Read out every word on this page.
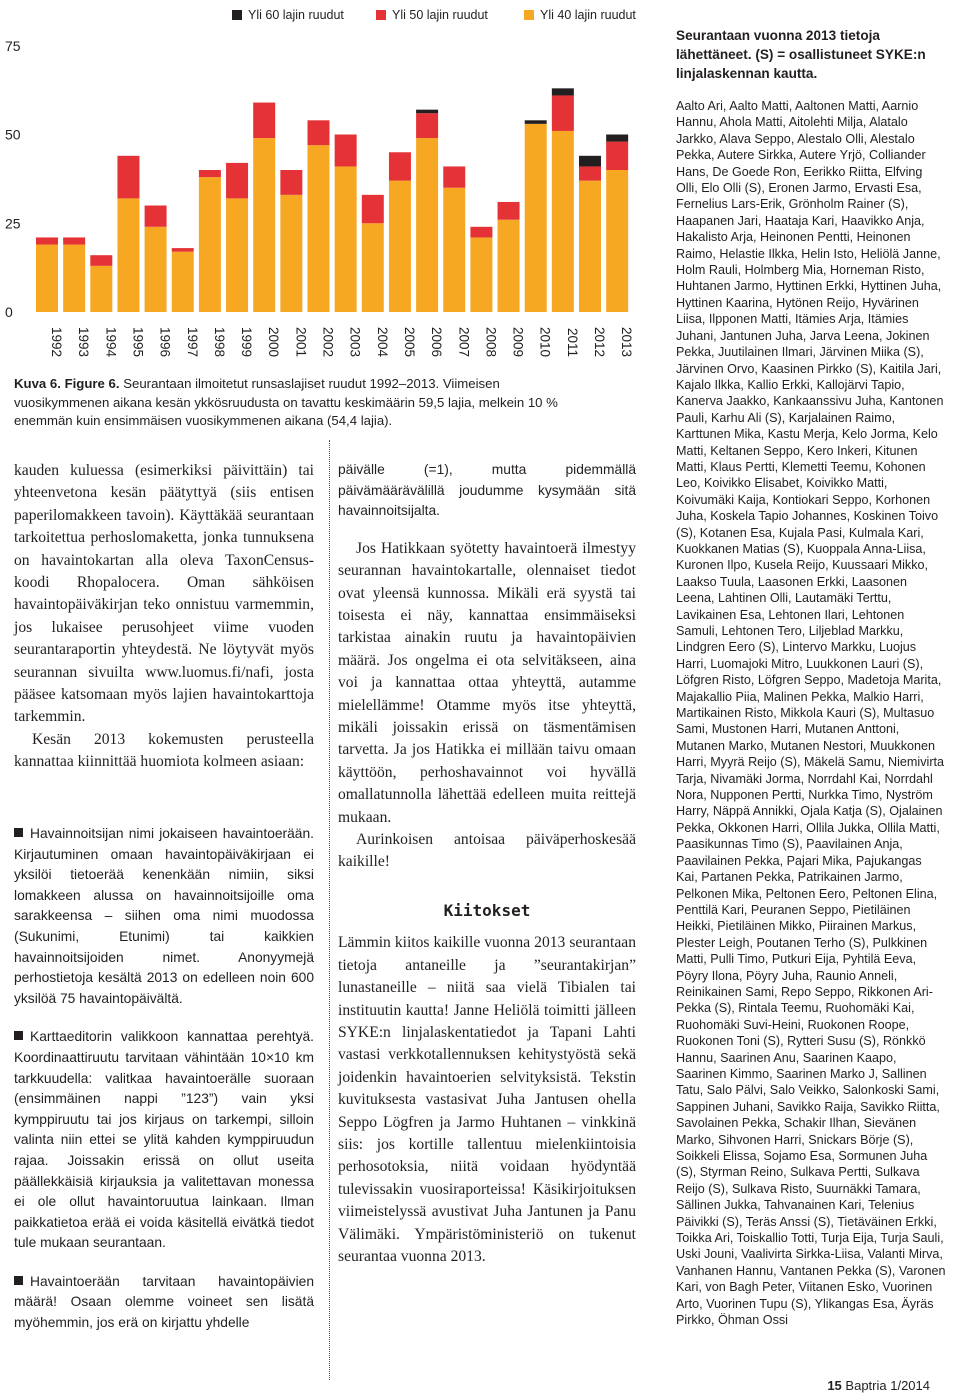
0
25
50
75
1992 1993 1994 1995 1996 1997 1998 1999 2000 2001 2002 2003 2004 2005 2006 2007 2008 2009 2010 2011 2012 2013
Yli 60 lajin ruudut	Yli 50 lajin ruudut	Yli 40 lajin ruudut
Kuva 6. Figure 6. Seurantaan ilmoitetut runsaslajiset ruudut 1992–2013. Viimeisen vuosikymmenen aikana kesän ykkösruudusta on tavattu keskimäärin 59,5 lajia, melkein 10 % enemmän kuin ensimmäisen vuosikymmenen aikana (54,4 lajia).

kauden kuluessa (esimerkiksi päivittäin) tai yhteenvetona kesän päätyttyä (siis entisen paperilomakkeen tavoin). Käyttäkää seurantaan tarkoitettua perhoslomaketta, jonka tunnuksena on havaintokartan alla oleva TaxonCensus-koodi Rhopalocera. Oman sähköisen havaintopäiväkirjan teko onnistuu varmemmin, jos lukaisee perusohjeet viime vuoden seurantaraportin yhteydestä. Ne löytyvät myös seurannan sivuilta www.luomus.fi/nafi, josta pääsee katsomaan myös lajien havaintokarttoja tarkemmin.

Kesän 2013 kokemusten perusteella kannattaa kiinnittää huomiota kolmeen asiaan:

Havainnoitsijan nimi jokaiseen havaintoerään. Kirjautuminen omaan havaintopäiväkirjaan ei yksilöi tietoerää kenenkään nimiin, siksi lomakkeen alussa on havainnoitsijoille oma sarakkeensa – siihen oma nimi muodossa (Sukunimi, Etunimi) tai kaikkien havainnoitsijoiden nimet. Anonyymejä perhostietoja kesältä 2013 on edelleen noin 600 yksilöä 75 havaintopäivältä.

Karttaeditorin valikkoon kannattaa perehtyä. Koordinaattiruutu tarvitaan vähintään 10×10 km tarkkuudella: valitkaa havaintoerälle suoraan (ensimmäinen nappi ”123”) vain yksi kymppiruutu tai jos kirjaus on tarkempi, silloin valinta niin ettei se ylitä kahden kymppiruudun rajaa. Joissakin erissä on ollut useita päällekkäisiä kirjauksia ja valitettavan monessa ei ole ollut havaintoruutua lainkaan. Ilman paikkatietoa erää ei voida käsitellä eivätkä tiedot tule mukaan seurantaan.

Havaintoerään tarvitaan havaintopäivien määrä! Osaan olemme voineet sen lisätä myöhemmin, jos erä on kirjattu yhdelle

päivälle (=1), mutta pidemmällä päivämäärävälillä joudumme kysymään sitä havainnoitsijalta.

Jos Hatikkaan syötetty havaintoerä ilmestyy seurannan havaintokartalle, olennaiset tiedot ovat yleensä kunnossa. Mikäli erä syystä tai toisesta ei näy, kannattaa ensimmäiseksi tarkistaa ainakin ruutu ja havaintopäivien määrä. Jos ongelma ei ota selvitäkseen, aina voi ja kannattaa ottaa yhteyttä, autamme mielellämme! Otamme myös itse yhteyttä, mikäli joissakin erissä on täsmentämisen tarvetta. Ja jos Hatikka ei millään taivu omaan käyttöön, perhoshavainnot voi hyvällä omallatunnolla lähettää edelleen muita reittejä mukaan.

Aurinkoisen antoisaa päiväperhoskesää kaikille!

Kiitokset

Lämmin kiitos kaikille vuonna 2013 seurantaan tietoja antaneille ja ”seurantakirjan” lunastaneille – niitä saa vielä Tibialen tai instituutin kautta! Janne Heliölä toimitti jälleen SYKE:n linjalaskentatiedot ja Tapani Lahti vastasi verkkotallennuksen kehitystyöstä sekä joidenkin havaintoerien selvityksistä. Tekstin kuvituksesta vastasivat Juha Jantusen ohella Seppo Lögfren ja Jarmo Huhtanen – vinkkinä siis: jos kortille tallentuu mielenkiintoisia perhosotoksia, niitä voidaan hyödyntää tulevissakin vuosiraporteissa! Käsikirjoituksen viimeistelyssä avustivat Juha Jantunen ja Panu Välimäki. Ympäristöministeriö on tukenut seurantaa vuonna 2013.

Seurantaan vuonna 2013 tietoja lähettäneet. (S) = osallistuneet SYKE:n linjalaskennan kautta.
Aalto Ari, Aalto Matti, Aaltonen Matti, Aarnio Hannu, Ahola Matti, Aitolehti Milja, Alatalo Jarkko, Alava Seppo, Alestalo Olli, Alestalo Pekka, Autere Sirkka, Autere Yrjö, Colliander Hans, De Goede Ron, Eerikko Riitta, Elfving Olli, Elo Olli (S), Eronen Jarmo, Ervasti Esa, Fernelius Lars-Erik, Grönholm Rainer (S), Haapanen Jari, Haataja Kari, Haavikko Anja, Hakalisto Arja, Heinonen Pentti, Heinonen Raimo, Helastie Ilkka, Helin Isto, Heliölä Janne, Holm Rauli, Holmberg Mia, Horneman Risto, Huhtanen Jarmo, Hyttinen Erkki, Hyttinen Juha, Hyttinen Kaarina, Hytönen Reijo, Hyvärinen Liisa, Ilpponen Matti, Itämies Arja, Itämies Juhani, Jantunen Juha, Jarva Leena, Jokinen Pekka, Juutilainen Ilmari, Järvinen Miika (S), Järvinen Orvo, Kaasinen Pirkko (S), Kaitila Jari, Kajalo Ilkka, Kallio Erkki, Kallojärvi Tapio, Kanerva Jaakko, Kankaanssivu Juha, Kantonen Pauli, Karhu Ali (S), Karjalainen Raimo, Karttunen Mika, Kastu Merja, Kelo Jorma, Kelo Matti, Keltanen Seppo, Kero Inkeri, Kitunen Matti, Klaus Pertti, Klemetti Teemu, Kohonen Leo, Koivikko Elisabet, Koivikko Matti, Koivumäki Kaija, Kontiokari Seppo, Korhonen Juha, Koskela Tapio Johannes, Koskinen Toivo (S), Kotanen Esa, Kujala Pasi, Kulmala Kari, Kuokkanen Matias (S), Kuoppala Anna-Liisa, Kuronen Ilpo, Kusela Reijo, Kuussaari Mikko, Laakso Tuula, Laasonen Erkki, Laasonen Leena, Lahtinen Olli, Lautamäki Terttu, Lavikainen Esa, Lehtonen Ilari, Lehtonen Samuli, Lehtonen Tero, Liljeblad Markku, Lindgren Eero (S), Lintervo Markku, Luojus Harri, Luomajoki Mitro, Luukkonen Lauri (S), Löfgren Risto, Löfgren Seppo, Madetoja Marita, Majakallio Piia, Malinen Pekka, Malkio Harri, Martikainen Risto, Mikkola Kauri (S), Multasuo Sami, Mustonen Harri, Mutanen Anttoni, Mutanen Marko, Mutanen Nestori, Muukkonen Harri, Myyrä Reijo (S), Mäkelä Samu, Niemivirta Tarja, Nivamäki Jorma, Norrdahl Kai, Norrdahl Nora, Nupponen Pertti, Nurkka Timo, Nyström Harry, Näppä Annikki, Ojala Katja (S), Ojalainen Pekka, Okkonen Harri, Ollila Jukka, Ollila Matti, Paasikunnas Timo (S), Paavilainen Anja, Paavilainen Pekka, Pajari Mika, Pajukangas Kai, Partanen Pekka, Patrikainen Jarmo, Pelkonen Mika, Peltonen Eero, Peltonen Elina, Penttilä Kari, Peuranen Seppo, Pietiläinen Heikki, Pietiläinen Mikko, Piirainen Markus, Plester Leigh, Poutanen Terho (S), Pulkkinen Matti, Pulli Timo, Putkuri Eija, Pyhtilä Eeva, Pöyry Ilona, Pöyry Juha, Raunio Anneli, Reinikainen Sami, Repo Seppo, Rikkonen Ari-Pekka (S), Rintala Teemu, Ruohomäki Kai, Ruohomäki Suvi-Heini, Ruokonen Roope, Ruokonen Toni (S), Rytteri Susu (S), Rönkkö Hannu, Saarinen Anu, Saarinen Kaapo, Saarinen Kimmo, Saarinen Marko J, Sallinen Tatu, Salo Pälvi, Salo Veikko, Salonkoski Sami, Sappinen Juhani, Savikko Raija, Savikko Riitta, Savolainen Pekka, Schakir Ilhan, Sievänen Marko, Sihvonen Harri, Snickars Börje (S), Soikkeli Elissa, Sojamo Esa, Sormunen Juha (S), Styrman Reino, Sulkava Pertti, Sulkava Reijo (S), Sulkava Risto, Suurnäkki Tamara, Sällinen Jukka, Tahvanainen Kari, Telenius Päivikki (S), Teräs Anssi (S), Tietäväinen Erkki, Toikka Ari, Toiskallio Totti, Turja Eija, Turja Sauli, Uski Jouni, Vaalivirta Sirkka-Liisa, Valanti Mirva, Vanhanen Hannu, Vantanen Pekka (S), Varonen Kari, von Bagh Peter, Viitanen Esko, Vuorinen Arto, Vuorinen Tupu (S), Ylikangas Esa, Äyräs Pirkko, Öhman Ossi
15 Baptria 1/2014
